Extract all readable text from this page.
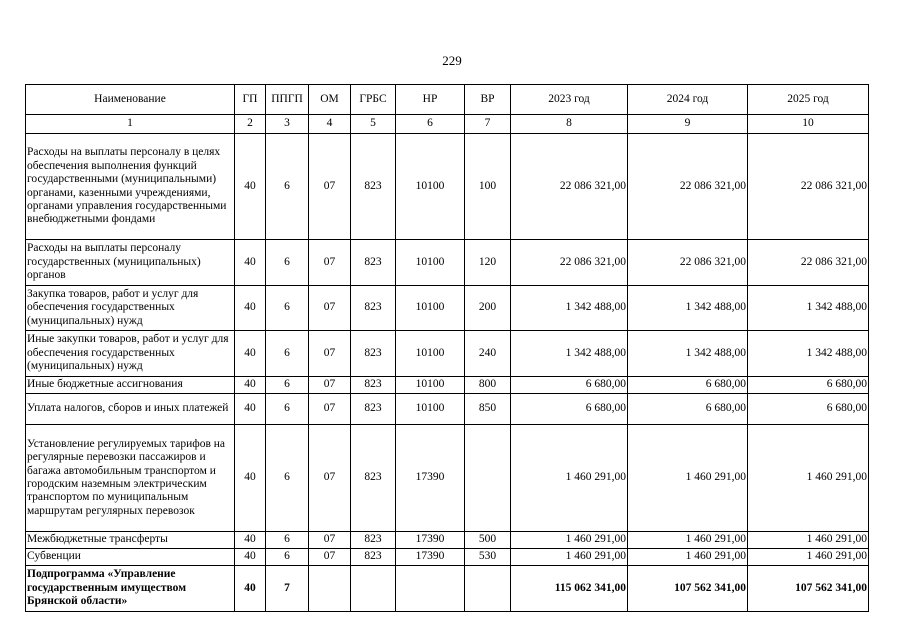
229
Наименование	ГП	ППГП	ОМ	ГРБС	НР	ВР	2023 год	2024 год	2025 год
1	2	3	4	5	6	7	8	9	10
Расходы на выплаты персоналу в целях обеспечения выполнения функций государственными (муниципальными) органами, казенными учреждениями, органами управления государственными внебюджетными фондами	40	6	07	823	10100	100	22 086 321,00	22 086 321,00	22 086 321,00
Расходы на выплаты персоналу государственных (муниципальных) органов	40	6	07	823	10100	120	22 086 321,00	22 086 321,00	22 086 321,00
Закупка товаров, работ и услуг для обеспечения государственных (муниципальных) нужд	40	6	07	823	10100	200	1 342 488,00	1 342 488,00	1 342 488,00
Иные закупки товаров, работ и услуг для обеспечения государственных (муниципальных) нужд	40	6	07	823	10100	240	1 342 488,00	1 342 488,00	1 342 488,00
Иные бюджетные ассигнования	40	6	07	823	10100	800	6 680,00	6 680,00	6 680,00
Уплата налогов, сборов и иных платежей	40	6	07	823	10100	850	6 680,00	6 680,00	6 680,00
Установление регулируемых тарифов на регулярные перевозки пассажиров и багажа автомобильным транспортом и городским наземным электрическим транспортом по муниципальным маршрутам регулярных перевозок	40	6	07	823	17390		1 460 291,00	1 460 291,00	1 460 291,00
Межбюджетные трансферты	40	6	07	823	17390	500	1 460 291,00	1 460 291,00	1 460 291,00
Субвенции	40	6	07	823	17390	530	1 460 291,00	1 460 291,00	1 460 291,00
Подпрограмма «Управление государственным имуществом Брянской области»	40	7					115 062 341,00	107 562 341,00	107 562 341,00
